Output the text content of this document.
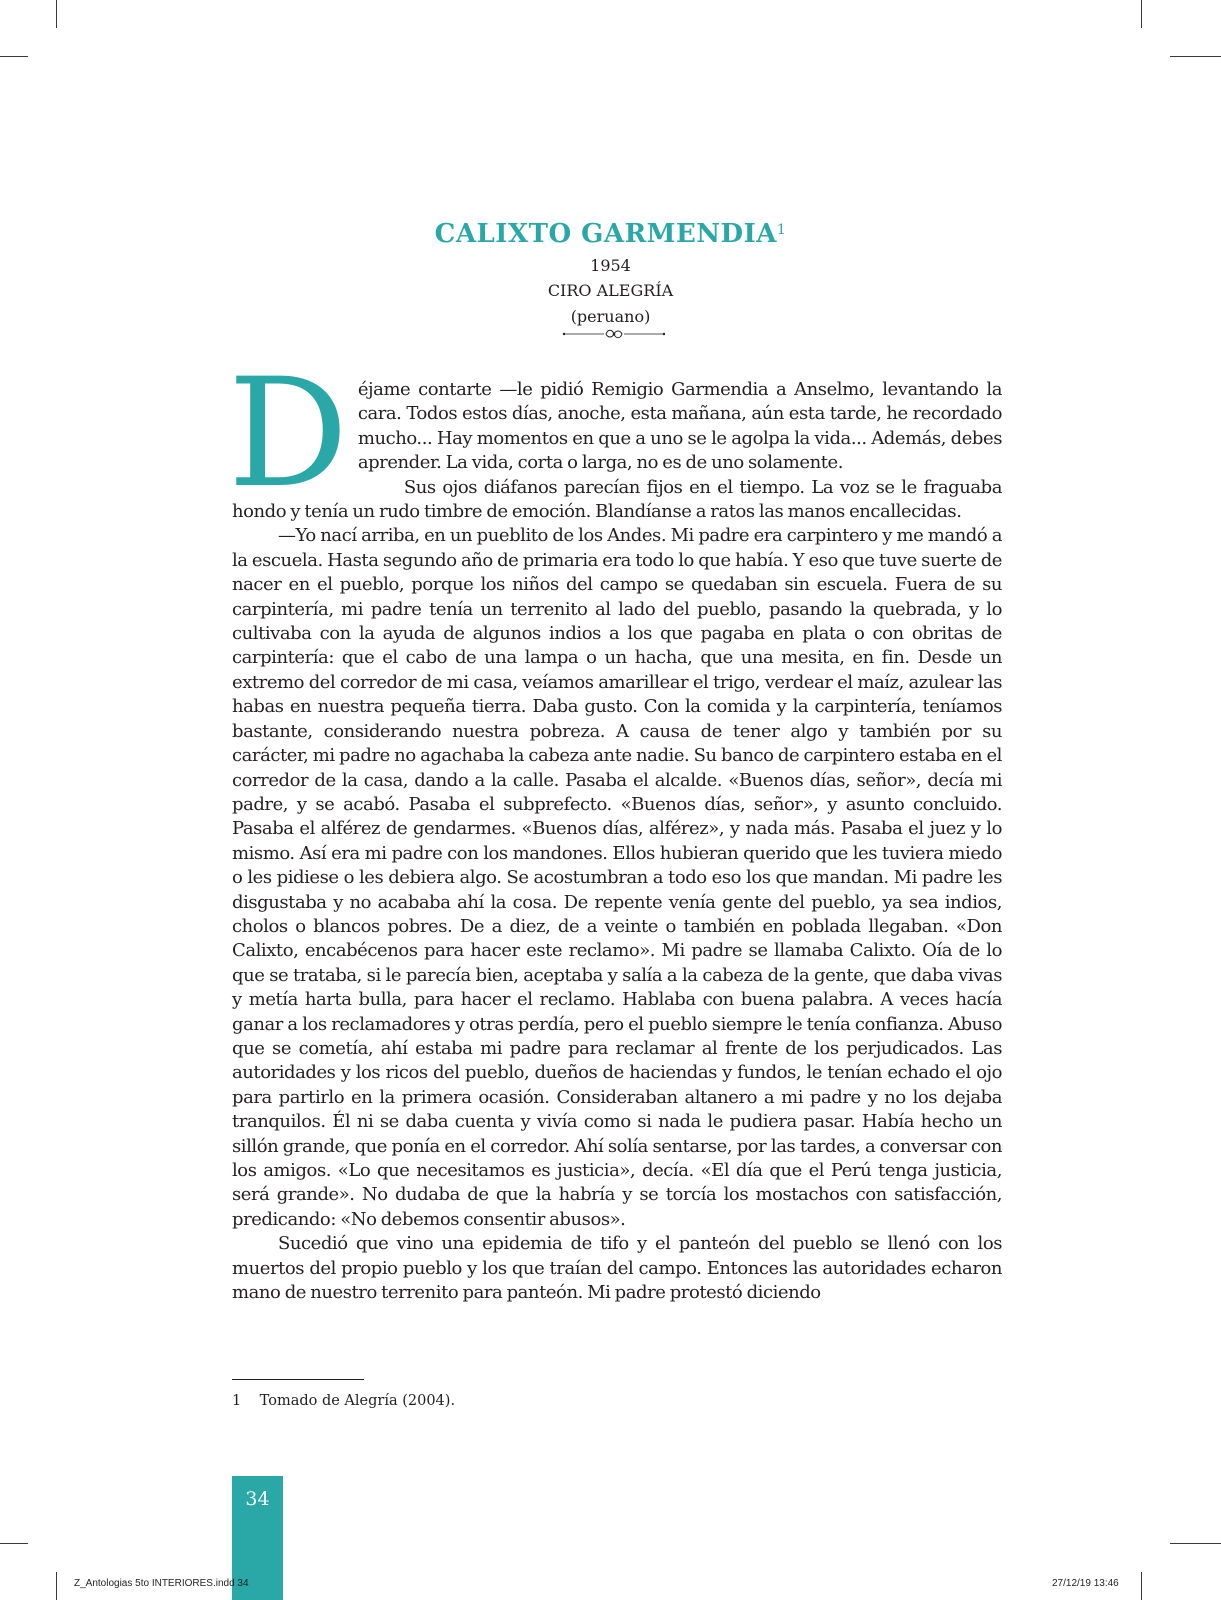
CALIXTO GARMENDIA$^1$
1954
CIRO ALEGRÍA
(peruano)
D éjame contarte —le pidió Remigio Garmendia a Anselmo, levantando la cara. Todos estos días, anoche, esta mañana, aún esta tarde, he recordado mucho... Hay momentos en que a uno se le agolpa la vida... Además, debes aprender. La vida, corta o larga, no es de uno solamente.

Sus ojos diáfanos parecían fijos en el tiempo. La voz se le fraguaba hondo y tenía un rudo timbre de emoción. Blandíanse a ratos las manos encallecidas.

—Yo nací arriba, en un pueblito de los Andes. Mi padre era carpintero y me mandó a la escuela. Hasta segundo año de primaria era todo lo que había. Y eso que tuve suerte de nacer en el pueblo, porque los niños del campo se quedaban sin escuela. Fuera de su carpintería, mi padre tenía un terrenito al lado del pueblo, pasando la quebrada, y lo cultivaba con la ayuda de algunos indios a los que pagaba en plata o con obritas de carpintería: que el cabo de una lampa o un hacha, que una mesita, en fin. Desde un extremo del corredor de mi casa, veíamos amarillear el trigo, verdear el maíz, azulear las habas en nuestra pequeña tierra. Daba gusto. Con la comida y la carpintería, teníamos bastante, considerando nuestra pobreza. A causa de tener algo y también por su carácter, mi padre no agachaba la cabeza ante nadie. Su banco de carpintero estaba en el corredor de la casa, dando a la calle. Pasaba el alcalde. «Buenos días, señor», decía mi padre, y se acabó. Pasaba el subprefecto. «Buenos días, señor», y asunto concluido. Pasaba el alférez de gendarmes. «Buenos días, alférez», y nada más. Pasaba el juez y lo mismo. Así era mi padre con los mandones. Ellos hubieran querido que les tuviera miedo o les pidiese o les debiera algo. Se acostumbran a todo eso los que mandan. Mi padre les disgustaba y no acababa ahí la cosa. De repente venía gente del pueblo, ya sea indios, cholos o blancos pobres. De a diez, de a veinte o también en poblada llegaban. «Don Calixto, encabécenos para hacer este reclamo». Mi padre se llamaba Calixto. Oía de lo que se trataba, si le parecía bien, aceptaba y salía a la cabeza de la gente, que daba vivas y metía harta bulla, para hacer el reclamo. Hablaba con buena palabra. A veces hacía ganar a los reclamadores y otras perdía, pero el pueblo siempre le tenía confianza. Abuso que se cometía, ahí estaba mi padre para reclamar al frente de los perjudicados. Las autoridades y los ricos del pueblo, dueños de haciendas y fundos, le tenían echado el ojo para partirlo en la primera ocasión. Consideraban altanero a mi padre y no los dejaba tranquilos. Él ni se daba cuenta y vivía como si nada le pudiera pasar. Había hecho un sillón grande, que ponía en el corredor. Ahí solía sentarse, por las tardes, a conversar con los amigos. «Lo que necesitamos es justicia», decía. «El día que el Perú tenga justicia, será grande». No dudaba de que la habría y se torcía los mostachos con satisfacción, predicando: «No debemos consentir abusos».

Sucedió que vino una epidemia de tifo y el panteón del pueblo se llenó con los muertos del propio pueblo y los que traían del campo. Entonces las autoridades echaron mano de nuestro terrenito para panteón. Mi padre protestó diciendo

1 Tomado de Alegría (2004).
34
Z_Antologias 5to INTERIORES.indd 34	27/12/19 13:46
